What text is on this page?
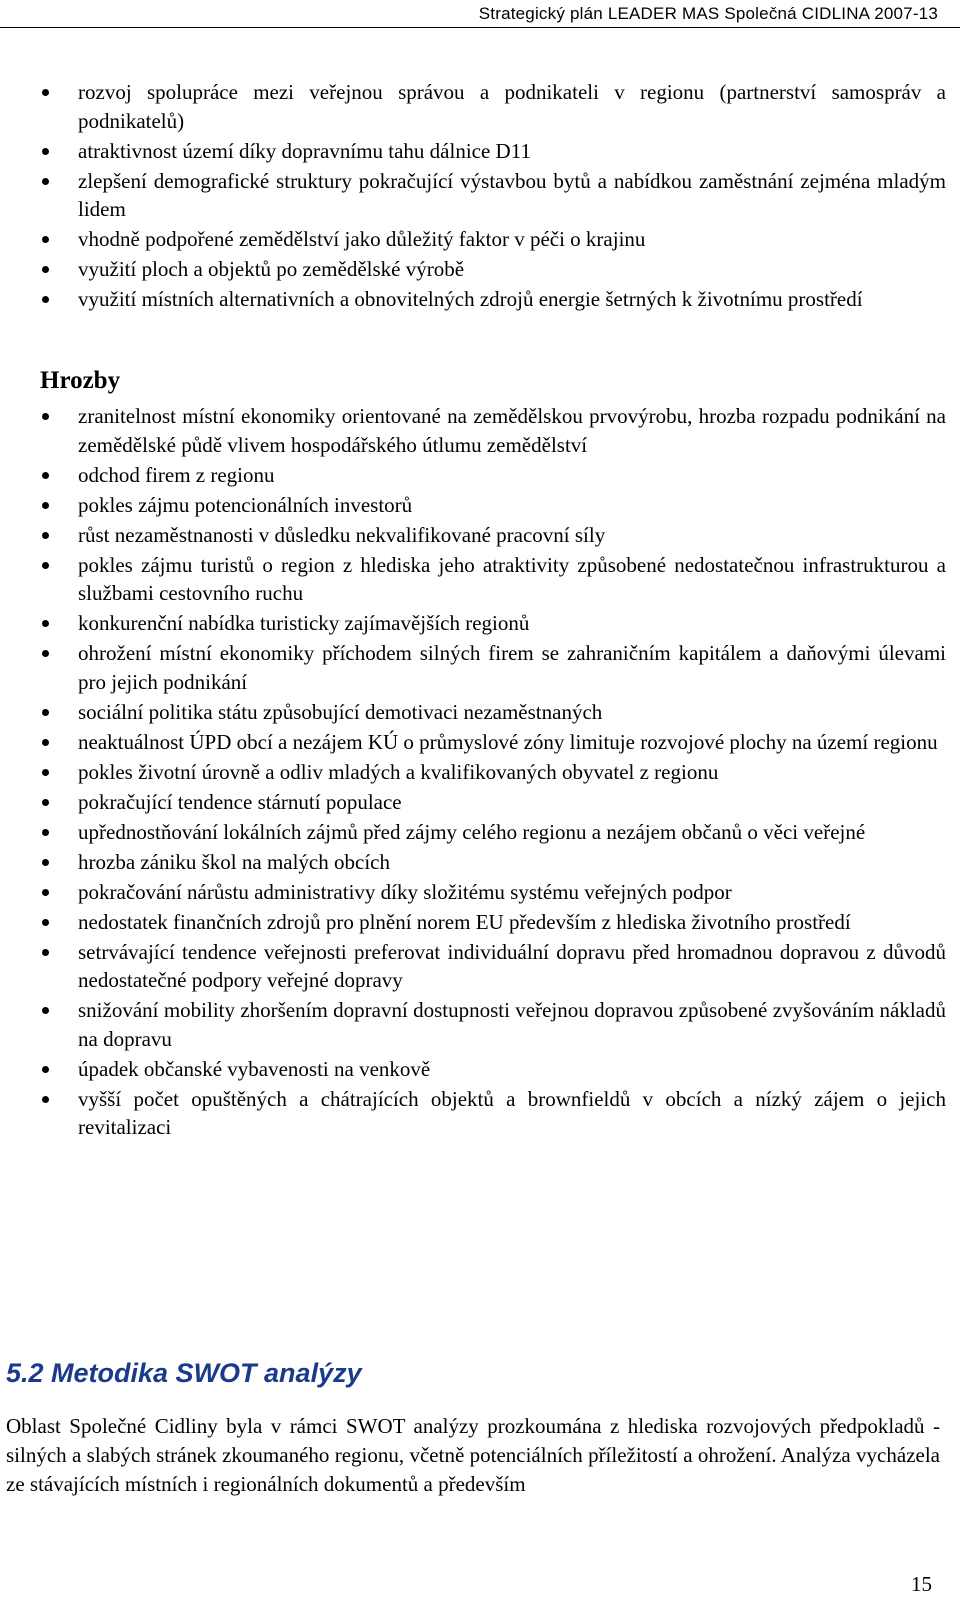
Strategický plán LEADER MAS Společná CIDLINA 2007-13
rozvoj spolupráce mezi veřejnou správou a podnikateli v regionu (partnerství samospráv a podnikatelů)
atraktivnost území díky dopravnímu tahu dálnice D11
zlepšení demografické struktury pokračující výstavbou bytů a nabídkou zaměstnání zejména mladým lidem
vhodně podpořené zemědělství jako důležitý faktor v péči o krajinu
využití ploch a objektů po zemědělské výrobě
využití místních alternativních a obnovitelných zdrojů energie šetrných k životnímu prostředí
Hrozby
zranitelnost místní ekonomiky orientované na zemědělskou prvovýrobu, hrozba rozpadu podnikání na zemědělské půdě vlivem hospodářského útlumu zemědělství
odchod firem z regionu
pokles zájmu potencionálních investorů
růst nezaměstnanosti v důsledku nekvalifikované pracovní síly
pokles zájmu turistů o region z hlediska jeho atraktivity způsobené nedostatečnou infrastrukturou a službami cestovního ruchu
konkurenční nabídka turisticky zajímavějších regionů
ohrožení místní ekonomiky příchodem silných firem se zahraničním kapitálem a daňovými úlevami pro jejich podnikání
sociální politika státu způsobující demotivaci nezaměstnaných
neaktuálnost ÚPD obcí a nezájem KÚ o průmyslové zóny limituje rozvojové plochy na území regionu
pokles životní úrovně a odliv mladých a kvalifikovaných obyvatel z regionu
pokračující tendence stárnutí populace
upřednostňování lokálních zájmů před zájmy celého regionu a nezájem občanů o věci veřejné
hrozba zániku škol na malých obcích
pokračování nárůstu administrativy díky složitému systému veřejných podpor
nedostatek finančních zdrojů pro plnění norem EU především z hlediska životního prostředí
setrvávající tendence veřejnosti preferovat individuální dopravu před hromadnou dopravou z důvodů nedostatečné podpory veřejné dopravy
snižování mobility zhoršením dopravní dostupnosti veřejnou dopravou způsobené zvyšováním nákladů na dopravu
úpadek občanské vybavenosti na venkově
vyšší počet opuštěných a chátrajících objektů a brownfieldů v obcích a nízký zájem o jejich revitalizaci
5.2 Metodika SWOT analýzy

Oblast Společné Cidliny byla v rámci SWOT analýzy prozkoumána z hlediska rozvojových předpokladů - silných a slabých stránek zkoumaného regionu, včetně potenciálních příležitostí a ohrožení. Analýza vycházela ze stávajících místních i regionálních dokumentů a především

15
